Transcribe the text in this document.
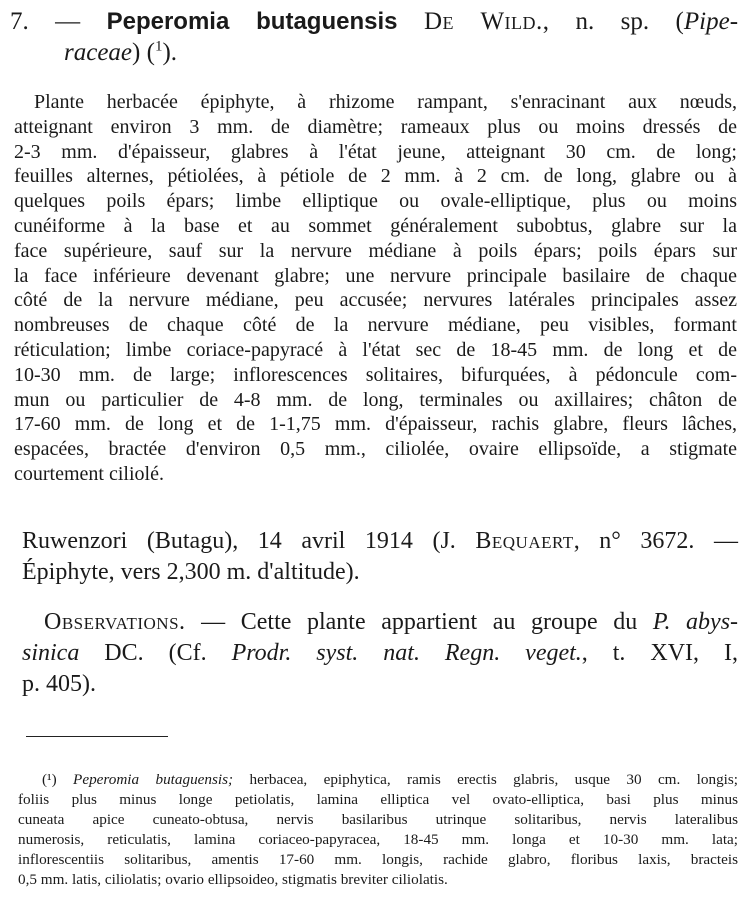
7. — Peperomia butaguensis De Wild., n. sp. (Pipe-
raceae) ($^1$).
Plante herbacée épiphyte, à rhizome rampant, s'enracinant aux nœuds,
atteignant environ 3 mm. de diamètre; rameaux plus ou moins dressés de
2-3 mm. d'épaisseur, glabres à l'état jeune, atteignant 30 cm. de long;
feuilles alternes, pétiolées, à pétiole de 2 mm. à 2 cm. de long, glabre ou à
quelques poils épars; limbe elliptique ou ovale-elliptique, plus ou moins
cunéiforme à la base et au sommet généralement subobtus, glabre sur la
face supérieure, sauf sur la nervure médiane à poils épars; poils épars sur
la face inférieure devenant glabre; une nervure principale basilaire de chaque
côté de la nervure médiane, peu accusée; nervures latérales principales assez
nombreuses de chaque côté de la nervure médiane, peu visibles, formant
réticulation; limbe coriace-papyracé à l'état sec de 18-45 mm. de long et de
10-30 mm. de large; inflorescences solitaires, bifurquées, à pédoncule com-
mun ou particulier de 4-8 mm. de long, terminales ou axillaires; châton de
17-60 mm. de long et de 1-1,75 mm. d'épaisseur, rachis glabre, fleurs lâches,
espacées, bractée d'environ 0,5 mm., ciliolée, ovaire ellipsoïde, a stigmate
courtement ciliolé.
Ruwenzori (Butagu), 14 avril 1914 (J. Bequaert, n° 3672. —
Épiphyte, vers 2,300 m. d'altitude).
Observations. — Cette plante appartient au groupe du P. abys-
sinica DC. (Cf. Prodr. syst. nat. Regn. veget., t. XVI, I,
p. 405).
(¹) Peperomia butaguensis; herbacea, epiphytica, ramis erectis glabris, usque 30 cm. longis;
foliis plus minus longe petiolatis, lamina elliptica vel ovato-elliptica, basi plus minus
cuneata apice cuneato-obtusa, nervis basilaribus utrinque solitaribus, nervis lateralibus
numerosis, reticulatis, lamina coriaceo-papyracea, 18-45 mm. longa et 10-30 mm. lata;
inflorescentiis solitaribus, amentis 17-60 mm. longis, rachide glabro, floribus laxis, bracteis
0,5 mm. latis, ciliolatis; ovario ellipsoideo, stigmatis breviter ciliolatis.
